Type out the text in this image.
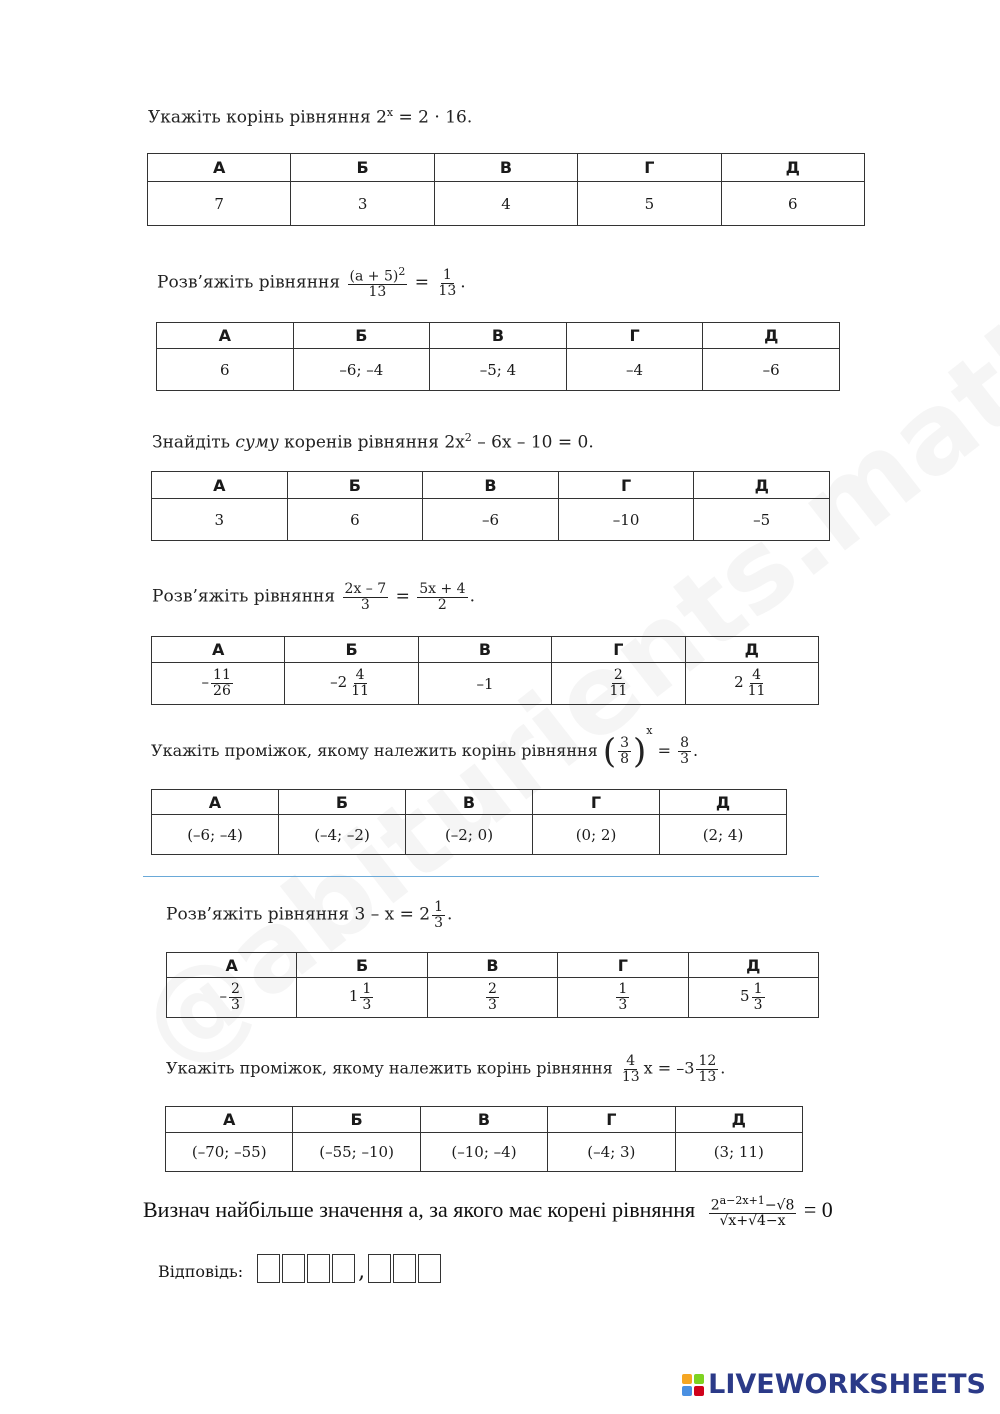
Укажіть корінь рівняння $2^x = 2 \cdot 16$.
А	Б	В	Г	Д
7	3	4	5	6
Розв’яжіть рівняння $\frac{(a + 5)^2}{13} = \frac{1}{13}$ .
А	Б	В	Г	Д
6	–6; –4	–5; 4	–4	–6
Знайдіть суму коренів рівняння $2x^2 - 6x - 10 = 0$.
А	Б	В	Г	Д
3	6	–6	–10	–5
Розв’яжіть рівняння $\frac{2x - 7}{3} = \frac{5x + 4}{2}$ .
А	Б	В	Г	Д
– $\frac{11}{26}$	$-2 \frac{4}{11}$	–1	$\frac{2}{11}$	$2 \frac{4}{11}$
Укажіть проміжок, якому належить корінь рівняння ( $\frac{3}{8} )^x = \frac{8}{3}$ .
А	Б	В	Г	Д
(–6; –4)	(–4; –2)	(–2; 0)	(0; 2)	(2; 4)
Розв’яжіть рівняння $3 - x = 2 \frac{1}{3}$ .
А	Б	В	Г	Д
– $\frac{2}{3}$	$1 \frac{1}{3}$	$\frac{2}{3}$	$\frac{1}{3}$	$5 \frac{1}{3}$
Укажіть проміжок, якому належить корінь рівняння $\frac{4}{13}$ $x = -3 \frac{12}{13}$ .
А	Б	В	Г	Д
(–70; –55)	(–55; –10)	(–10; –4)	(–4; 3)	(3; 11)
Визнач найбільше значення а, за якого має корені рівняння $\frac{2^{a-2x+1}-√8}{√x+√4-x} = 0$
Відповідь:	,
LIVEWORKSHEETS
